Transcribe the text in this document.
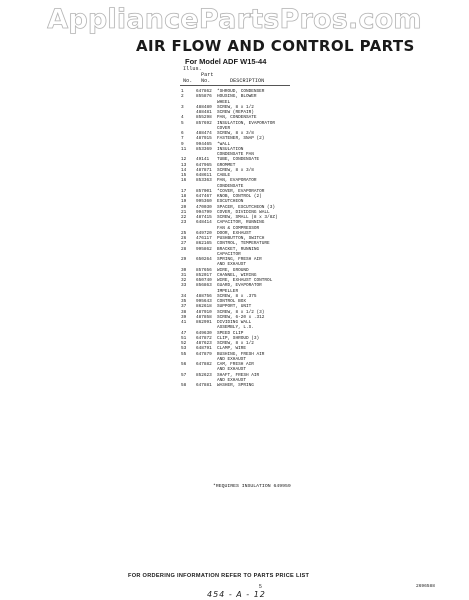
AppliancePartsPros.com
AIR FLOW AND CONTROL PARTS
For Model ADF W15-44
Illus.
Part
No. No.	DESCRIPTION
1	647862	*SHROUD, CONDENSER
2	855876	HOUSING, BLOWER
WHEEL
3	488480	SCREW, 8 x 1/2
488481	SCREW (REPAIR)
4	855298	PAN, CONDENSATE
5	857692	INSULATION, EVAPORATOR
COVER
6	488474	SCREW, 8 x 3/8
7	487915	FASTENER, SNAP (2)
9	994465	*WALL
11	853369	INSULATION
CONDENSATE PAN
12	49141	TUBE, CONDENSATE
13	647965	GROMMET
14	487871	SCREW, 8 x 3/8
15	648611	CABLE
16	853363	PAN, EVAPORATOR
CONDENSATE
17	857001	*COVER, EVAPORATOR
18	647467	KNOB, CONTROL (2)
19	995360	ESCUTCHEON
20	470030	SPACER, ESCUTCHEON (3)
21	994799	COVER, DIVIDING WALL
22	487415	SCREW, SMALL (8 x 3/8Z)
23	648414	CAPACITOR, RUNNING
FAN & COMPRESSOR
25	649720	DOOR, EXHAUST
26	476117	PUSHBUTTON, SWITCH
27	862165	CONTROL, TEMPERATURE
28	995862	BRACKET, RUNNING
CAPACITOR
29	650264	SPRING, FRESH AIR
AND EXHAUST
30	857656	WIRE, GROUND
31	852017	CHANNEL, WIRING
32	650740	WIRE, EXHAUST CONTROL
33	856863	GUARD, EVAPORATOR
IMPELLER
34	488756	SCREW, 8 x .375
35	995643	CONTROL BOX
37	862618	SUPPORT, UNIT
38	487910	SCREW, 8 x 1/2 (3)
39	487858	SCREW, 6-20 x .312
41	862991	DIVIDING WALL
ASSEMBLY, L.S.
47	649630	SPEED CLIP
51	647872	CLIP, SHROUD (3)
52	487623	SCREW, 8 x 1/2
53	648791	CLAMP, WIRE
55	647879	BUSHING, FRESH AIR
AND EXHAUST
56	647882	CAM, FRESH AIR
AND EXHAUST
57	852623	SHAFT, FRESH AIR
AND EXHAUST
58	647881	WASHER, SPRING
*REQUIRES INSULATION 649959
FOR ORDERING INFORMATION REFER TO PARTS PRICE LIST
5	2696588
454 - A - 12
